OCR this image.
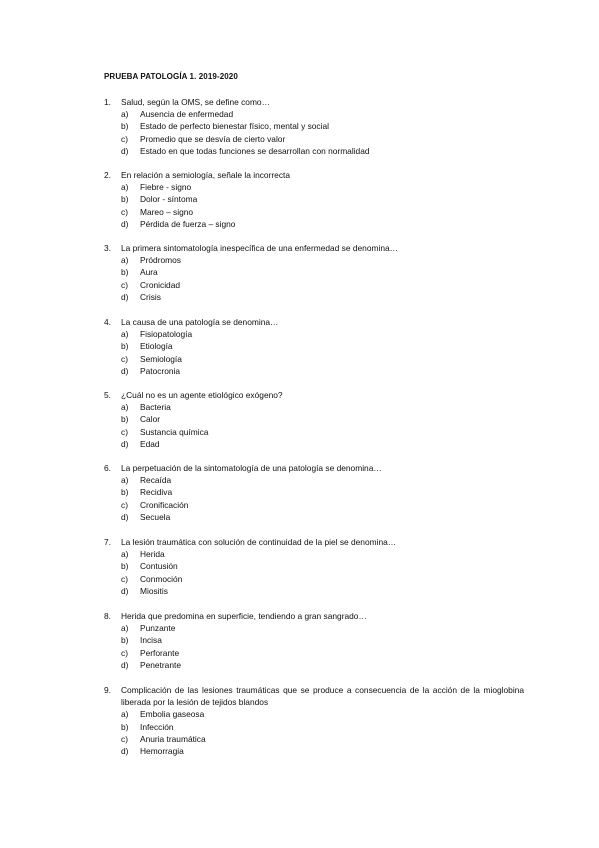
PRUEBA PATOLOGÍA 1. 2019-2020
1.	Salud, según la OMS, se define como…
a)	Ausencia de enfermedad
b)	Estado de perfecto bienestar físico, mental y social
c)	Promedio que se desvía de cierto valor
d)	Estado en que todas funciones se desarrollan con normalidad
2.	En relación a semiología, señale la incorrecta
a)	Fiebre - signo
b)	Dolor - síntoma
c)	Mareo – signo
d)	Pérdida de fuerza – signo
3.	La primera sintomatología inespecífica de una enfermedad se denomina…
a)	Pródromos
b)	Aura
c)	Cronicidad
d)	Crisis
4.	La causa de una patología se denomina…
a)	Fisiopatología
b)	Etiología
c)	Semiología
d)	Patocronia
5.	¿Cuál no es un agente etiológico exógeno?
a)	Bacteria
b)	Calor
c)	Sustancia química
d)	Edad
6.	La perpetuación de la sintomatología de una patología se denomina…
a)	Recaída
b)	Recidiva
c)	Cronificación
d)	Secuela
7.	La lesión traumática con solución de continuidad de la piel se denomina…
a)	Herida
b)	Contusión
c)	Conmoción
d)	Miositis
8.	Herida que predomina en superficie, tendiendo a gran sangrado…
a)	Punzante
b)	Incisa
c)	Perforante
d)	Penetrante
9.	Complicación de las lesiones traumáticas que se produce a consecuencia de la acción de la mioglobina liberada por la lesión de tejidos blandos
a)	Embolia gaseosa
b)	Infección
c)	Anuria traumática
d)	Hemorragia
